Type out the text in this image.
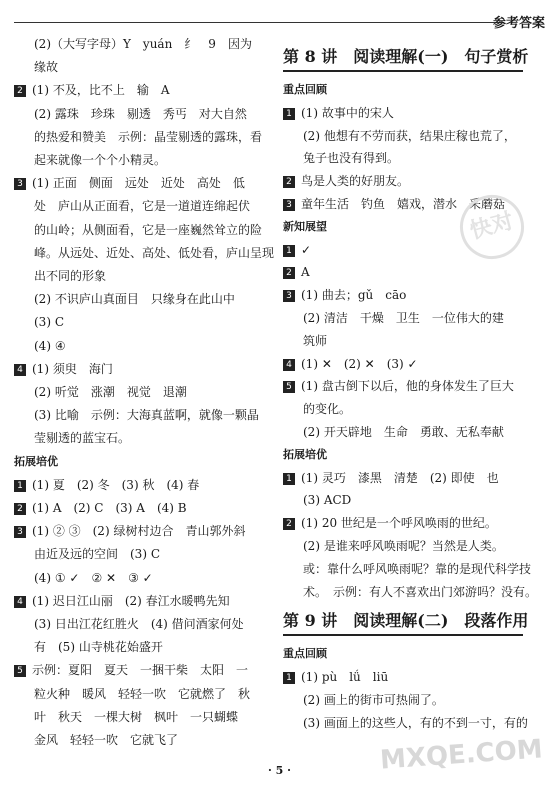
参考答案
(2)（大写字母）Y　yuán　纟　9　因为
缘故
2 (1) 不及，比不上　输　A
(2) 露珠　珍珠　剔透　秀丐　对大自然
的热爱和赞美　示例：晶莹剔透的露珠，看
起来就像一个个小精灵。
3 (1) 正面　侧面　远处　近处　高处　低
处　庐山从正面看，它是一道道连绵起伏
的山岭；从侧面看，它是一座巍然耸立的险
峰。从远处、近处、高处、低处看，庐山呈现
出不同的形象
(2) 不识庐山真面目　只缘身在此山中
(3) C
(4) ④
4 (1) 须臾　海门
(2) 听觉　涨潮　视觉　退潮
(3) 比喻　示例：大海真蓝啊，就像一颗晶
莹剔透的蓝宝石。
拓展培优
1 (1) 夏　(2) 冬　(3) 秋　(4) 春
2 (1) A　(2) C　(3) A　(4) B
3 (1) ② ③　(2) 绿树村边合　青山郭外斜
由近及远的空间　(3) C
(4) ① ✓　② ✕　③ ✓
4 (1) 迟日江山丽　(2) 春江水暖鸭先知
(3) 日出江花红胜火　(4) 借问酒家何处
有　(5) 山寺桃花始盛开
5 示例：夏阳　夏天　一捆干柴　太阳　一
粒火种　暖风　轻轻一吹　它就燃了　秋
叶　秋天　一棵大树　枫叶　一只蝴蝶
金风　轻轻一吹　它就飞了
第 8 讲　阅读理解(一)　句子赏析
重点回顾
1 (1) 故事中的宋人
(2) 他想有不劳而获，结果庄稼也荒了，
兔子也没有得到。
2 鸟是人类的好朋友。
3 童年生活　钓鱼　嬉戏，潜水　采蘑菇
新知展望
1 ✓
2 A
3 (1) 曲去；gǔ　cāo
(2) 清洁　干燥　卫生　一位伟大的建
筑师
4 (1) ✕　(2) ✕　(3) ✓
5 (1) 盘古倒下以后，他的身体发生了巨大
的变化。
(2) 开天辟地　生命　勇敢、无私奉献
拓展培优
1 (1) 灵巧　漆黑　清楚　(2) 即使　也
(3) ACD
2 (1) 20 世纪是一个呼风唤雨的世纪。
(2) 是谁来呼风唤雨呢？当然是人类。
或：靠什么呼风唤雨呢？靠的是现代科学技
术。　示例：有人不喜欢出门郊游吗？没有。
第 9 讲　阅读理解(二)　段落作用
重点回顾
1 (1) pù　lǘ　liū
(2) 画上的街市可热闹了。
(3) 画面上的这些人，有的不到一寸，有的
· 5 ·	MXQE.COM
快对
